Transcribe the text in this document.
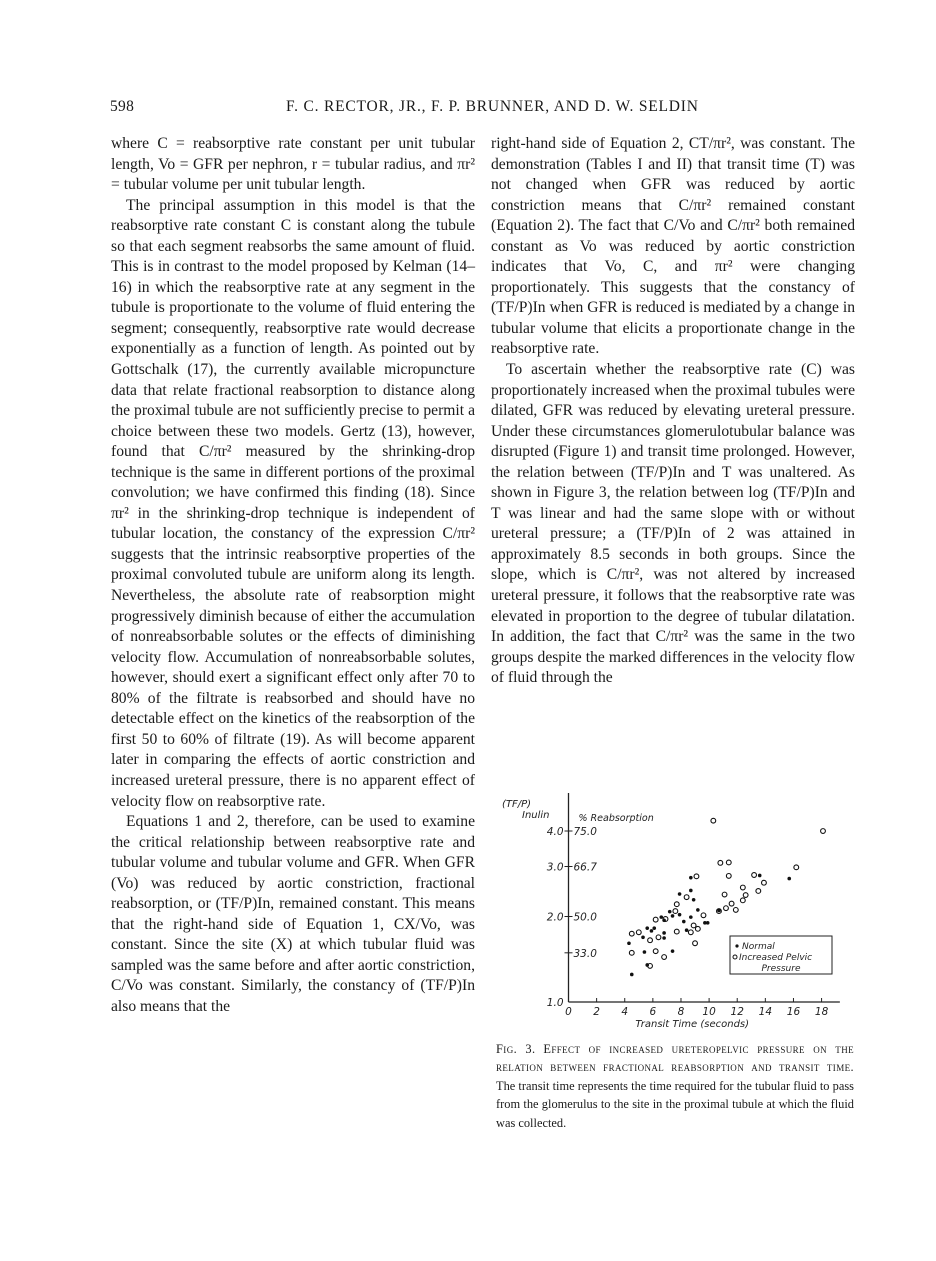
598	F. C. RECTOR, JR., F. P. BRUNNER, AND D. W. SELDIN

where C = reabsorptive rate constant per unit tubular length, Vo = GFR per nephron, r = tubular radius, and πr² = tubular volume per unit tubular length.

The principal assumption in this model is that the reabsorptive rate constant C is constant along the tubule so that each segment reabsorbs the same amount of fluid. This is in contrast to the model proposed by Kelman (14–16) in which the reabsorptive rate at any segment in the tubule is proportionate to the volume of fluid entering the segment; consequently, reabsorptive rate would decrease exponentially as a function of length. As pointed out by Gottschalk (17), the currently available micropuncture data that relate fractional reabsorption to distance along the proximal tubule are not sufficiently precise to permit a choice between these two models. Gertz (13), however, found that C/πr² measured by the shrinking-drop technique is the same in different portions of the proximal convolution; we have confirmed this finding (18). Since πr² in the shrinking-drop technique is independent of tubular location, the constancy of the expression C/πr² suggests that the intrinsic reabsorptive properties of the proximal convoluted tubule are uniform along its length. Nevertheless, the absolute rate of reabsorption might progressively diminish because of either the accumulation of nonreabsorbable solutes or the effects of diminishing velocity flow. Accumulation of nonreabsorbable solutes, however, should exert a significant effect only after 70 to 80% of the filtrate is reabsorbed and should have no detectable effect on the kinetics of the reabsorption of the first 50 to 60% of filtrate (19). As will become apparent later in comparing the effects of aortic constriction and increased ureteral pressure, there is no apparent effect of velocity flow on reabsorptive rate.

Equations 1 and 2, therefore, can be used to examine the critical relationship between reabsorptive rate and tubular volume and tubular volume and GFR. When GFR (Vo) was reduced by aortic constriction, fractional reabsorption, or (TF/P)In, remained constant. This means that the right-hand side of Equation 1, CX/Vo, was constant. Since the site (X) at which tubular fluid was sampled was the same before and after aortic constriction, C/Vo was constant. Similarly, the constancy of (TF/P)In also means that the

right-hand side of Equation 2, CT/πr², was constant. The demonstration (Tables I and II) that transit time (T) was not changed when GFR was reduced by aortic constriction means that C/πr² remained constant (Equation 2). The fact that C/Vo and C/πr² both remained constant as Vo was reduced by aortic constriction indicates that Vo, C, and πr² were changing proportionately. This suggests that the constancy of (TF/P)In when GFR is reduced is mediated by a change in tubular volume that elicits a proportionate change in the reabsorptive rate.

To ascertain whether the reabsorptive rate (C) was proportionately increased when the proximal tubules were dilated, GFR was reduced by elevating ureteral pressure. Under these circumstances glomerulotubular balance was disrupted (Figure 1) and transit time prolonged. However, the relation between (TF/P)In and T was unaltered. As shown in Figure 3, the relation between log (TF/P)In and T was linear and had the same slope with or without ureteral pressure; a (TF/P)In of 2 was attained in approximately 8.5 seconds in both groups. Since the slope, which is C/πr², was not altered by increased ureteral pressure, it follows that the reabsorptive rate was elevated in proportion to the degree of tubular dilatation. In addition, the fact that C/πr² was the same in the two groups despite the marked differences in the velocity flow of fluid through the

0 2 4 6 8 10 12 14 16 18
Transit Time (seconds)
1.0
33.0
2.0 50.0
3.0 66.7
4.0 75.0
(TF/P)
Inulin	% Reabsorption
Normal
Increased Pelvic
Pressure
Fig. 3. Effect of increased ureteropelvic pressure on the relation between fractional reabsorption and transit time. The transit time represents the time required for the tubular fluid to pass from the glomerulus to the site in the proximal tubule at which the fluid was collected.
